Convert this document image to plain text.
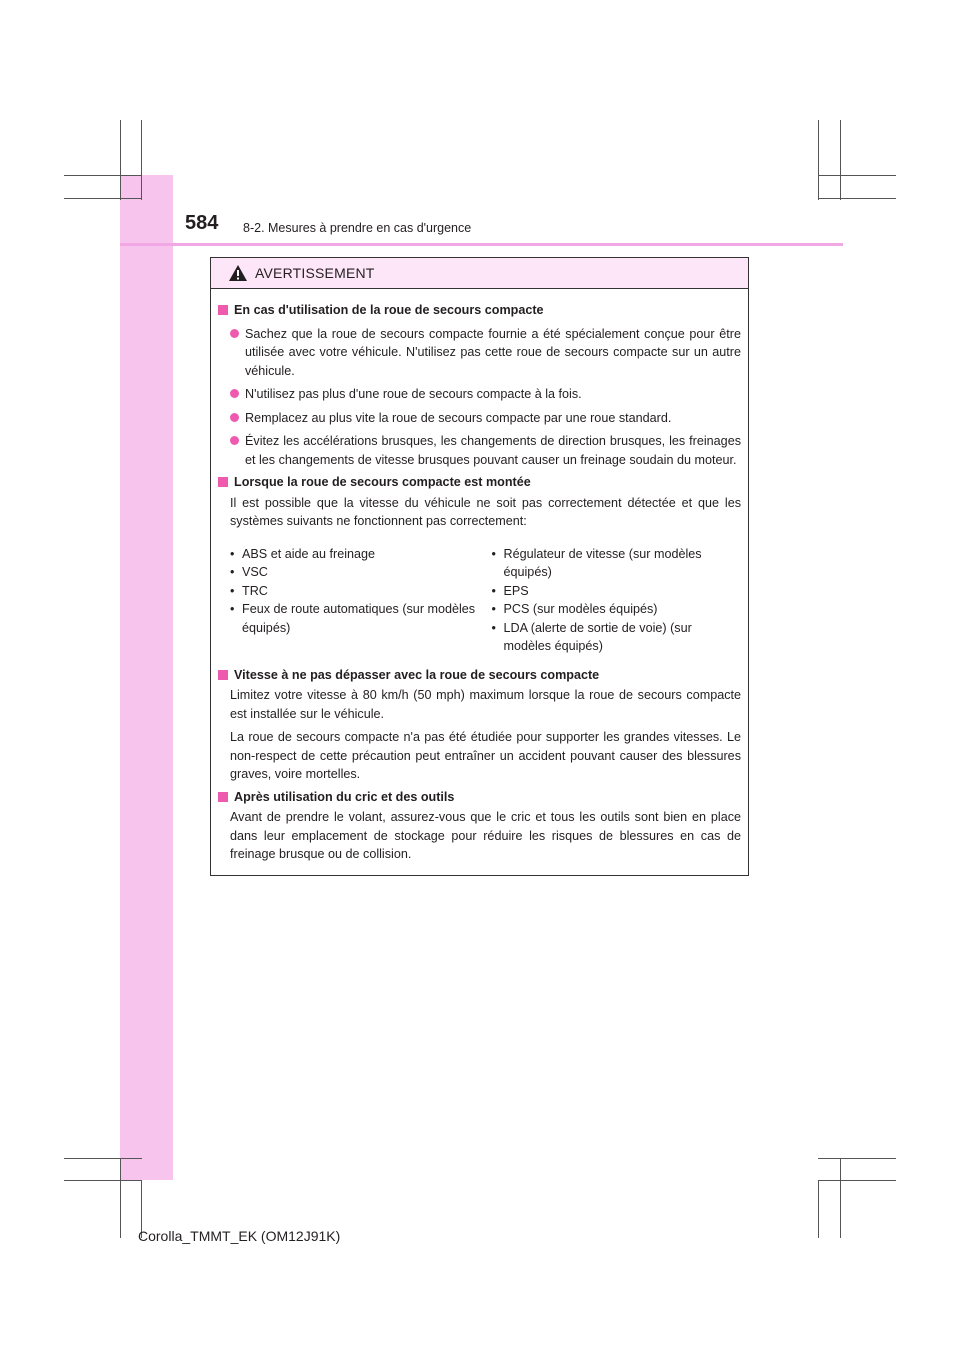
584 8-2. Mesures à prendre en cas d'urgence
AVERTISSEMENT
En cas d'utilisation de la roue de secours compacte
Sachez que la roue de secours compacte fournie a été spécialement conçue pour être utilisée avec votre véhicule. N'utilisez pas cette roue de secours compacte sur un autre véhicule.
N'utilisez pas plus d'une roue de secours compacte à la fois.
Remplacez au plus vite la roue de secours compacte par une roue standard.
Évitez les accélérations brusques, les changements de direction brusques, les freinages et les changements de vitesse brusques pouvant causer un freinage soudain du moteur.
Lorsque la roue de secours compacte est montée
Il est possible que la vitesse du véhicule ne soit pas correctement détectée et que les systèmes suivants ne fonctionnent pas correctement:
• ABS et aide au freinage
• VSC
• TRC
• Feux de route automatiques (sur modèles équipés)
• Régulateur de vitesse (sur modèles équipés)
• EPS
• PCS (sur modèles équipés)
• LDA (alerte de sortie de voie) (sur modèles équipés)
Vitesse à ne pas dépasser avec la roue de secours compacte
Limitez votre vitesse à 80 km/h (50 mph) maximum lorsque la roue de secours compacte est installée sur le véhicule.
La roue de secours compacte n'a pas été étudiée pour supporter les grandes vitesses. Le non-respect de cette précaution peut entraîner un accident pouvant causer des blessures graves, voire mortelles.
Après utilisation du cric et des outils
Avant de prendre le volant, assurez-vous que le cric et tous les outils sont bien en place dans leur emplacement de stockage pour réduire les risques de blessures en cas de freinage brusque ou de collision.
Corolla_TMMT_EK (OM12J91K)
